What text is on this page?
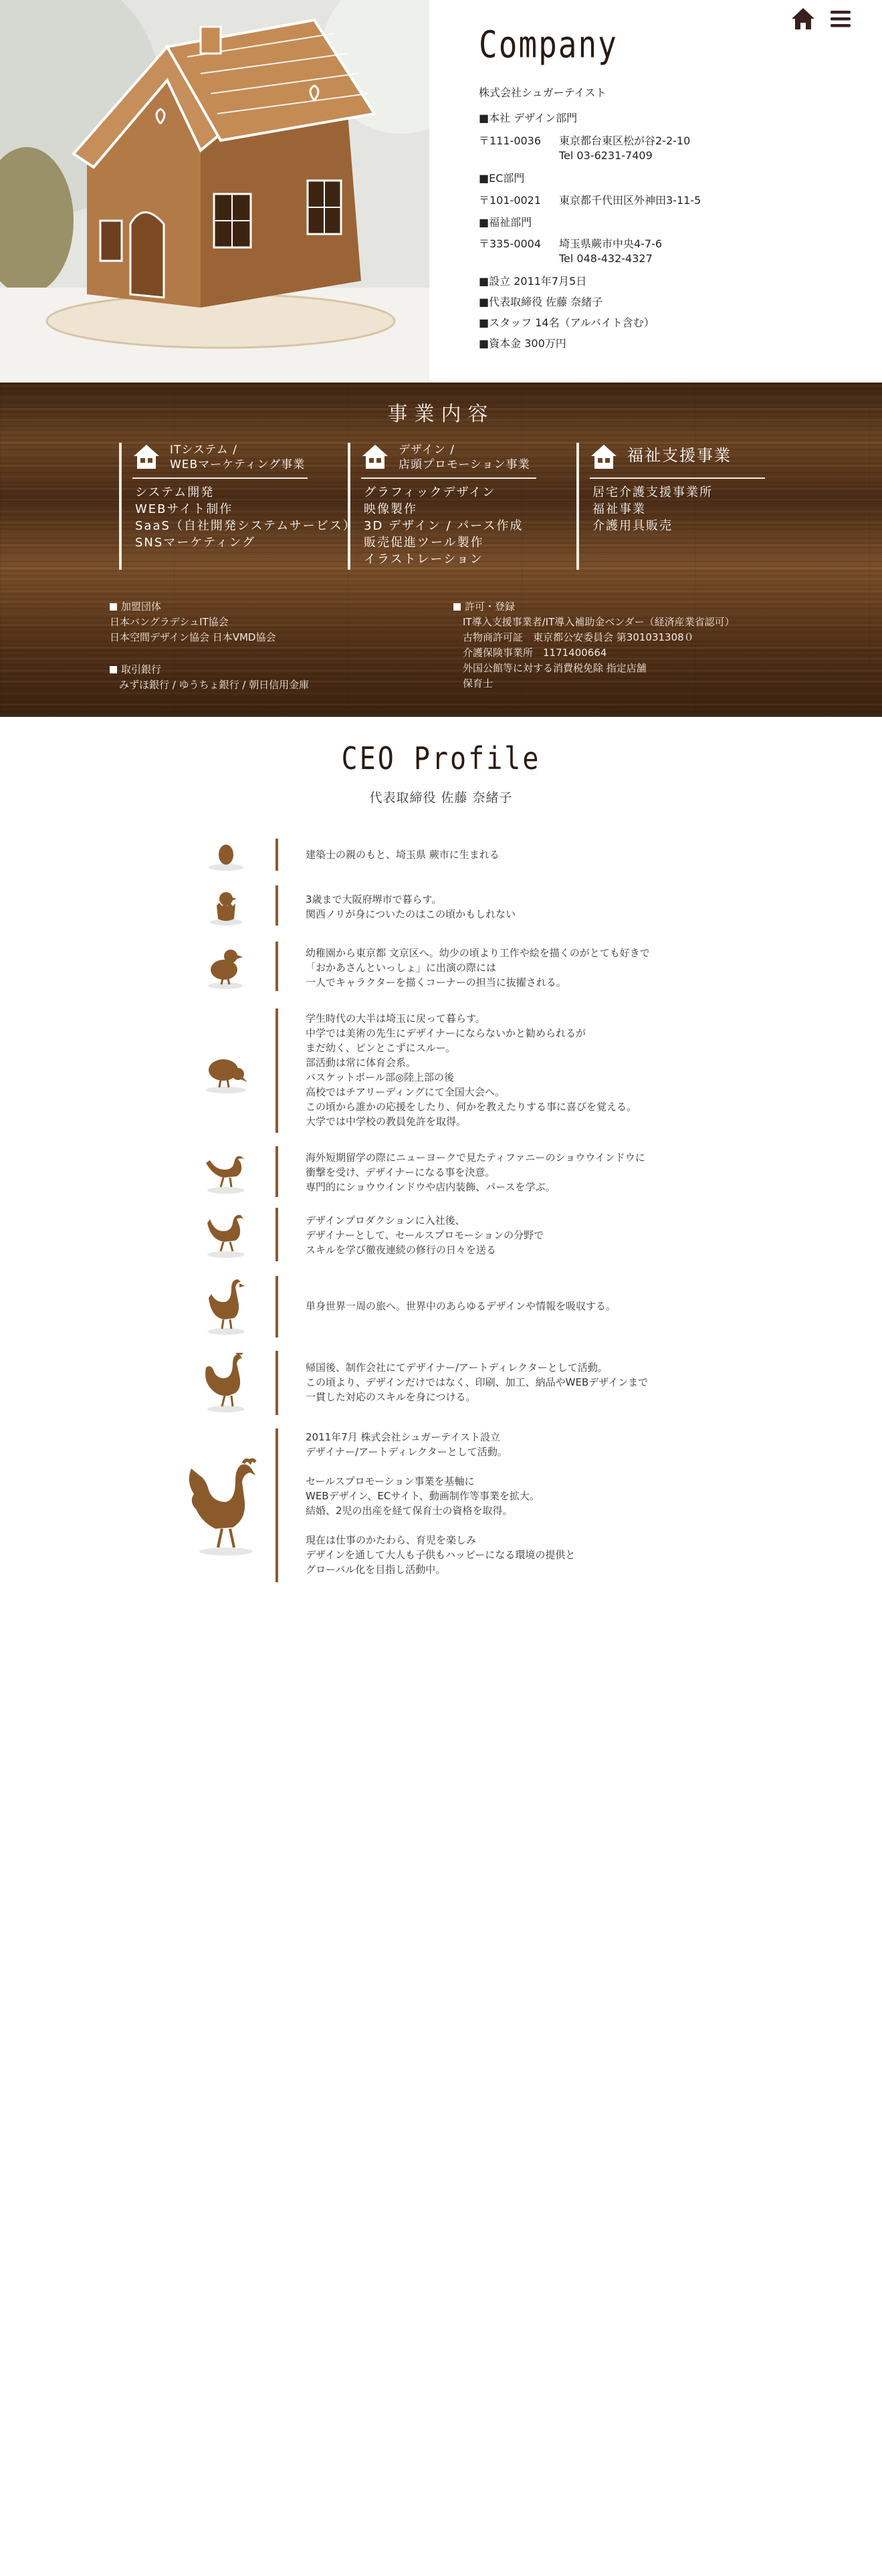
Company
株式会社シュガーテイスト
■本社 デザイン部門
〒111-0036 東京都台東区松が谷2-2-10
Tel 03-6231-7409
■EC部門
〒101-0021 東京都千代田区外神田3-11-5
■福祉部門
〒335-0004 埼玉県蕨市中央4-7-6
Tel 048-432-4327
■設立 2011年7月5日
■代表取締役 佐藤 奈緒子
■スタッフ 14名（アルバイト含む）
■資本金 300万円
事業内容
ITシステム /
WEBマーケティング事業
システム開発
WEBサイト制作
SaaS（自社開発システムサービス）
SNSマーケティング
デザイン /
店頭プロモーション事業
グラフィックデザイン
映像製作
3D デザイン / パース作成
販売促進ツール製作
イラストレーション
福祉支援事業
居宅介護支援事業所
福祉事業
介護用具販売
加盟団体
日本バングラデシュIT協会
日本空間デザイン協会 日本VMD協会
取引銀行
みずほ銀行 / ゆうちょ銀行 / 朝日信用金庫
許可・登録
IT導入支援事業者/IT導入補助金ベンダー（経済産業省認可）
古物商許可証　東京都公安委員会 第301031308０
介護保険事業所　1171400664
外国公館等に対する消費税免除 指定店舗
保育士
CEO Profile
代表取締役 佐藤 奈緒子
建築士の親のもと、埼玉県 蕨市に生まれる
3歳まで大阪府堺市で暮らす。
関西ノリが身についたのはこの頃かもしれない
幼稚園から東京都 文京区へ。幼少の頃より工作や絵を描くのがとても好きで
「おかあさんといっしょ」に出演の際には
一人でキャラクターを描くコーナーの担当に抜擢される。
学生時代の大半は埼玉に戻って暮らす。
中学では美術の先生にデザイナーにならないかと勧められるが
まだ幼く、ピンとこずにスルー。
部活動は常に体育会系。
バスケットボール部◎陸上部の後
高校ではチアリーディングにて全国大会へ。
この頃から誰かの応援をしたり、何かを教えたりする事に喜びを覚える。
大学では中学校の教員免許を取得。
海外短期留学の際にニューヨークで見たティファニーのショウウインドウに
衝撃を受け、デザイナーになる事を決意。
専門的にショウウインドウや店内装飾、パースを学ぶ。
デザインプロダクションに入社後、
デザイナーとして、セールスプロモーションの分野で
スキルを学び徹夜連続の修行の日々を送る
単身世界一周の旅へ。世界中のあらゆるデザインや情報を吸収する。
帰国後、制作会社にてデザイナー/アートディレクターとして活動。
この頃より、デザインだけではなく、印刷、加工、納品やWEBデザインまで
一貫した対応のスキルを身につける。
2011年7月 株式会社シュガーテイスト設立
デザイナー/アートディレクターとして活動。

セールスプロモーション事業を基軸に
WEBデザイン、ECサイト、動画制作等事業を拡大。
結婚、2児の出産を経て保育士の資格を取得。

現在は仕事のかたわら、育児を楽しみ
デザインを通して大人も子供もハッピーになる環境の提供と
グローバル化を目指し活動中。
